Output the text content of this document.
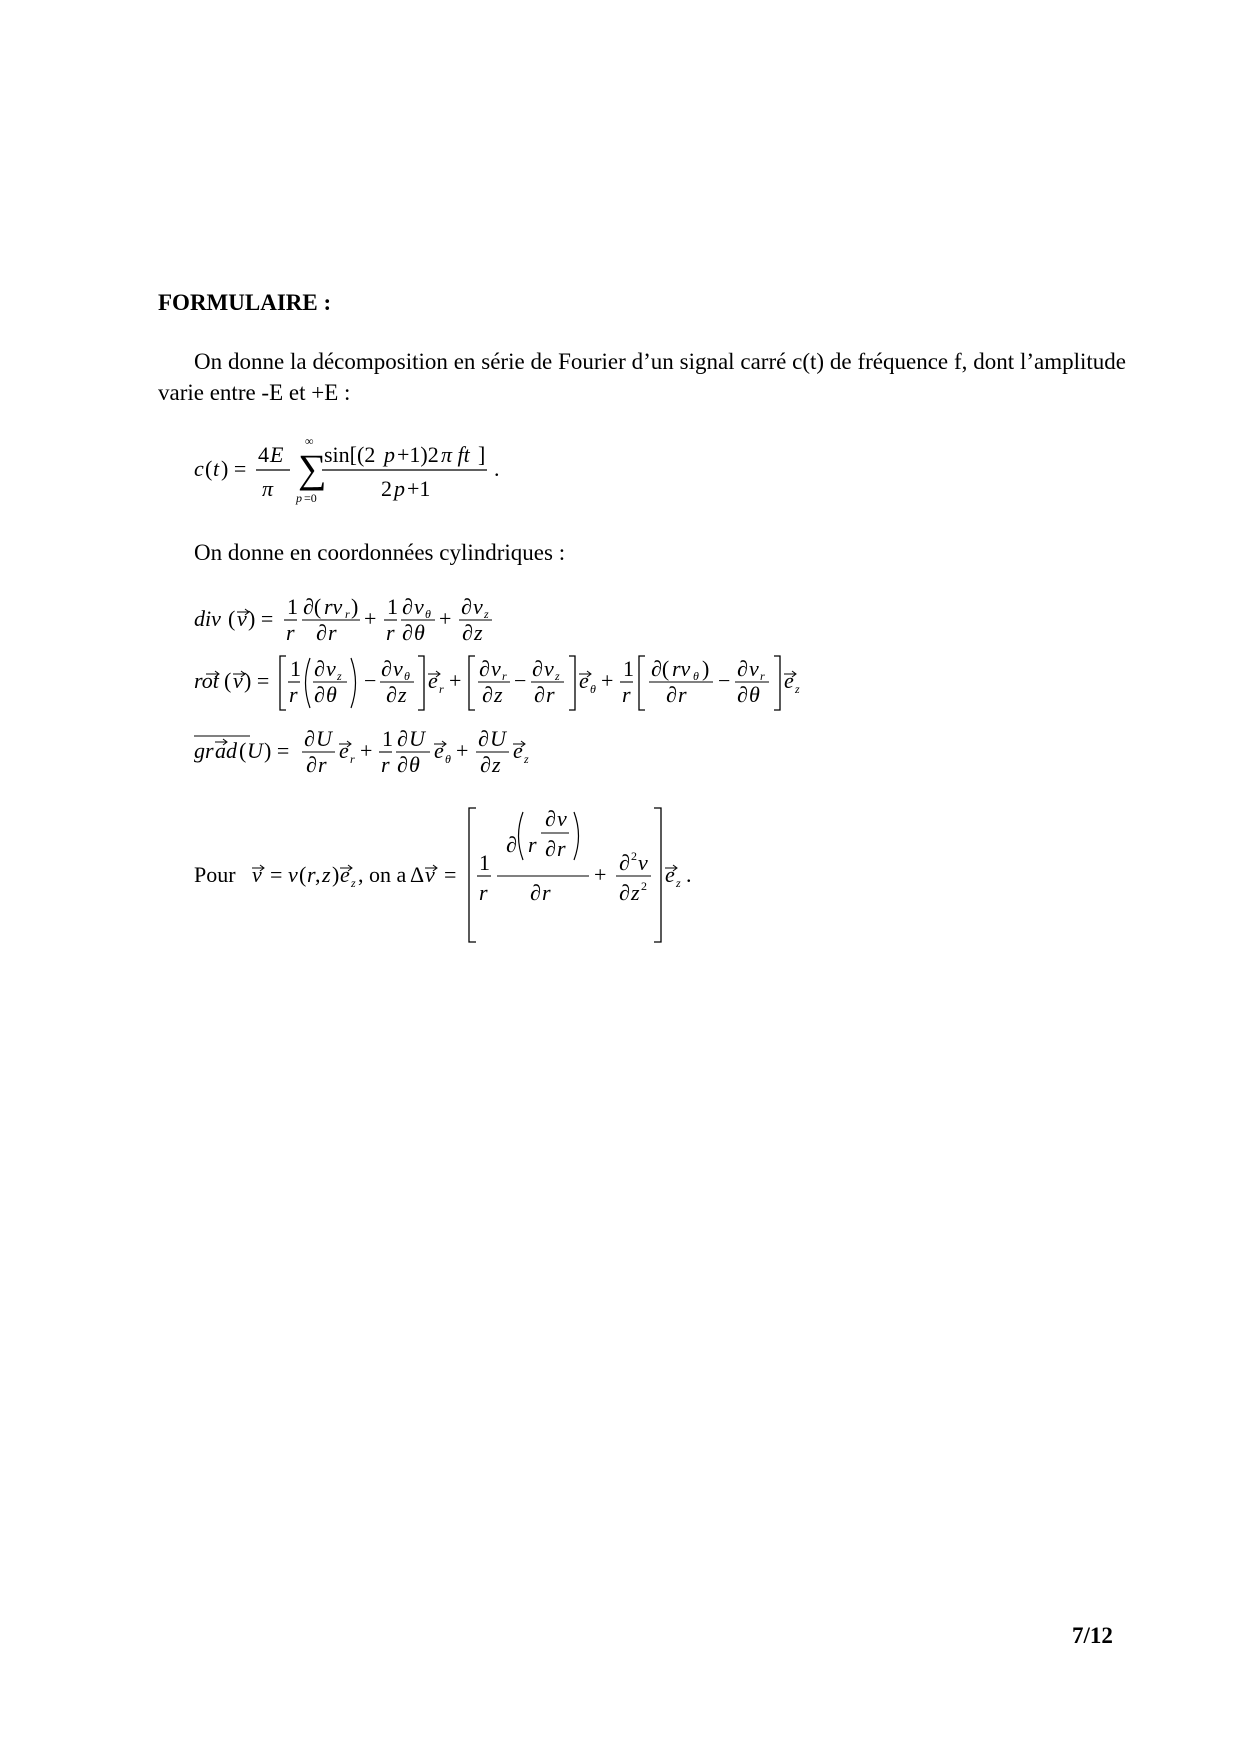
FORMULAIRE :

On donne la décomposition en série de Fourier d’un signal carré c(t) de fréquence f, dont l’amplitude varie entre -E et +E :

c ( t ) =
4 E
π ∑
∞
p =0
sin[(2 p +1)2 π ft ]
2 p +1
.

On donne en coordonnées cylindriques :

div ( v ) = 1
r
∂( rv r )
∂ r
+ 1
r
∂ v θ
∂ θ
+ ∂ v z
∂ z
rot ( v ) = 1
r
∂ v z
∂ θ
− ∂ v θ
∂ z
e r + ∂ v r
∂ z
− ∂ v z
∂ r
e θ + 1
r
∂( rv θ )
∂ r
− ∂ v r
∂ θ
e z
gr a d ( U ) = ∂ U
∂ r
e r + 1
r
∂ U
∂ θ
e θ + ∂ U
∂ z
e z
Pour v = v ( r , z ) e z , on a Δ v = 1
r
∂ r
∂ v
∂ r
∂ r
+ ∂ 2 v
∂ z 2 e z .
7/12
